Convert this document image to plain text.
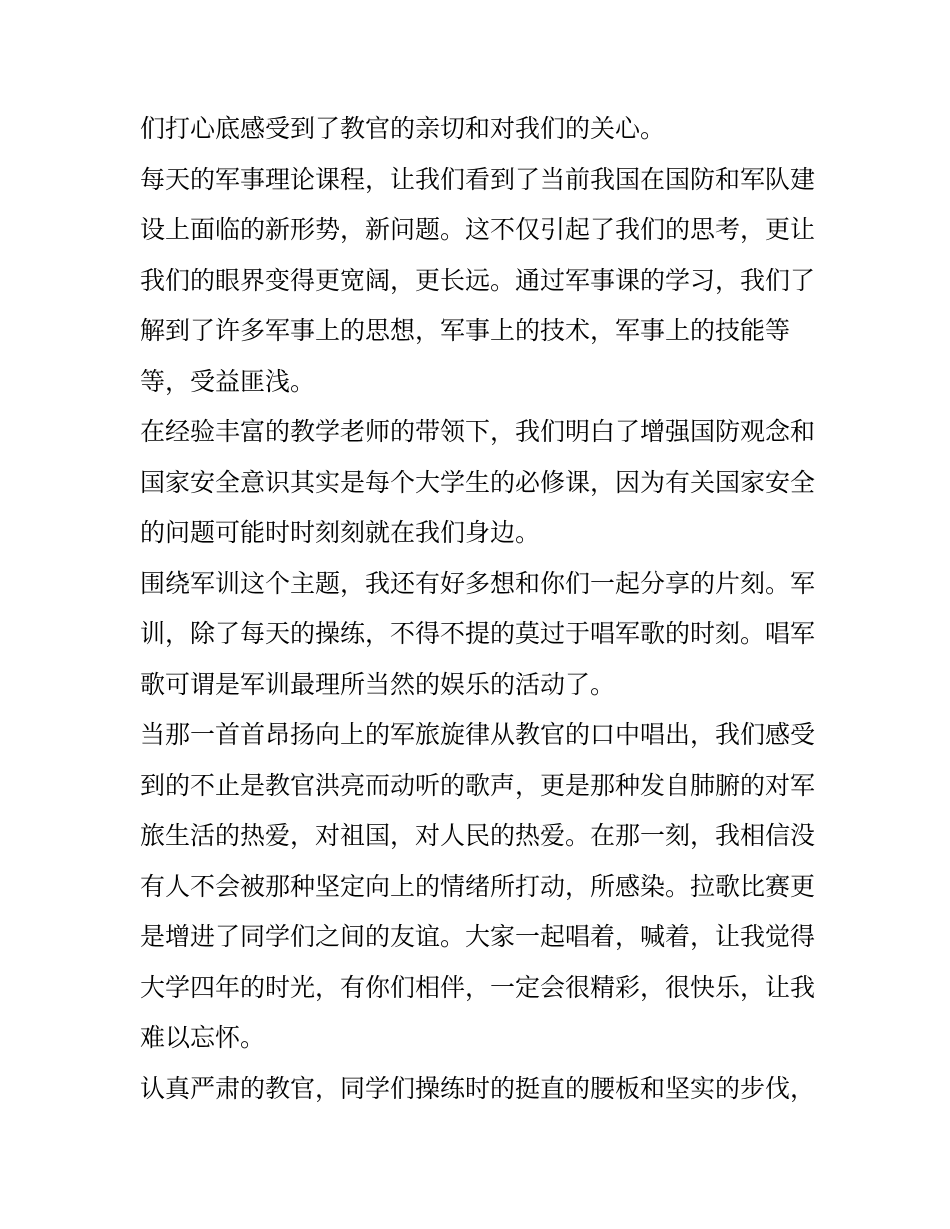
们打心底感受到了教官的亲切和对我们的关心。
每天的军事理论课程，让我们看到了当前我国在国防和军队建
设上面临的新形势，新问题。这不仅引起了我们的思考，更让
我们的眼界变得更宽阔，更长远。通过军事课的学习，我们了
解到了许多军事上的思想，军事上的技术，军事上的技能等
等，受益匪浅。
在经验丰富的教学老师的带领下，我们明白了增强国防观念和
国家安全意识其实是每个大学生的必修课，因为有关国家安全
的问题可能时时刻刻就在我们身边。
围绕军训这个主题，我还有好多想和你们一起分享的片刻。军
训，除了每天的操练，不得不提的莫过于唱军歌的时刻。唱军
歌可谓是军训最理所当然的娱乐的活动了。
当那一首首昂扬向上的军旅旋律从教官的口中唱出，我们感受
到的不止是教官洪亮而动听的歌声，更是那种发自肺腑的对军
旅生活的热爱，对祖国，对人民的热爱。在那一刻，我相信没
有人不会被那种坚定向上的情绪所打动，所感染。拉歌比赛更
是增进了同学们之间的友谊。大家一起唱着，喊着，让我觉得
大学四年的时光，有你们相伴，一定会很精彩，很快乐，让我
难以忘怀。
认真严肃的教官，同学们操练时的挺直的腰板和坚实的步伐，
